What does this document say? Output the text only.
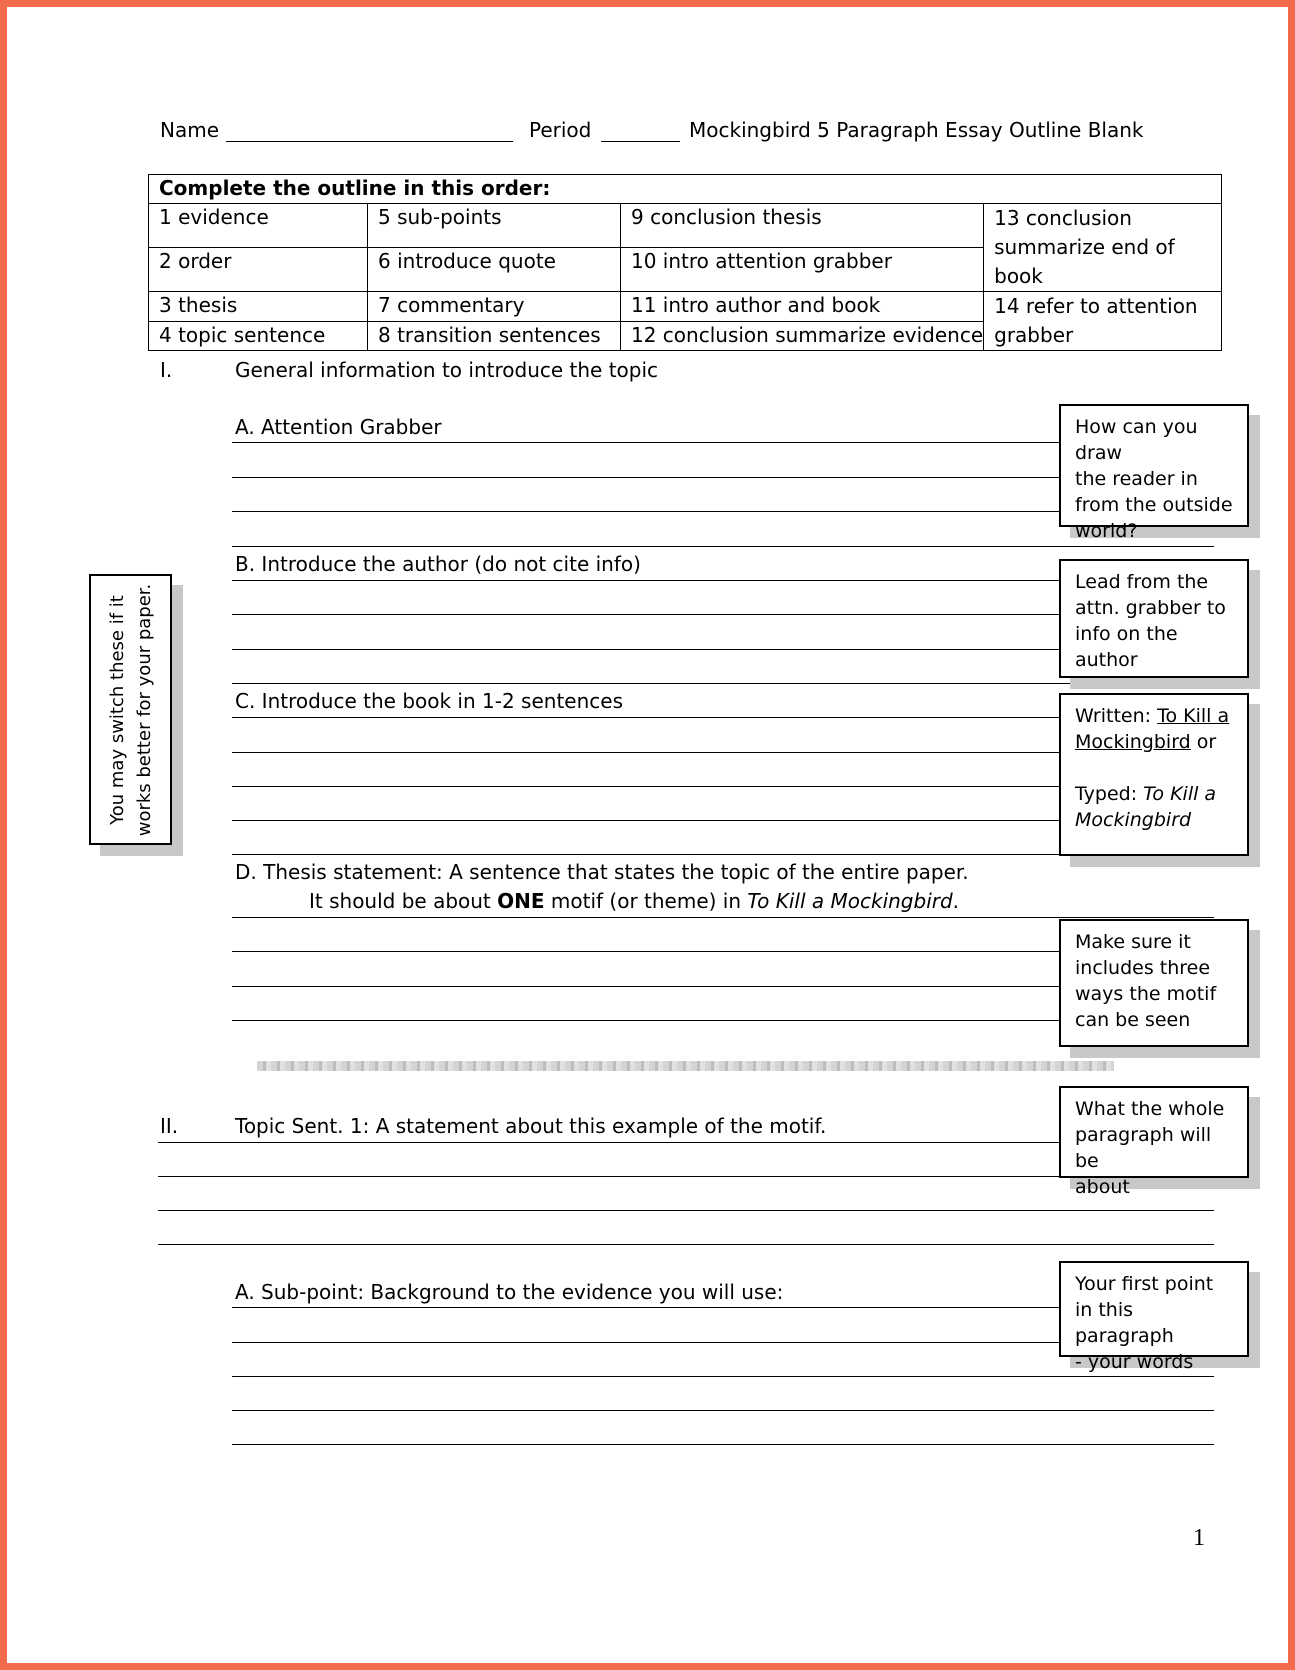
Name	Period	Mockingbird 5 Paragraph Essay Outline Blank
Complete the outline in this order:			
1 evidence	5 sub-points	9 conclusion thesis	13 conclusion summarize end of book
2 order	6 introduce quote	10 intro attention grabber	
3 thesis	7 commentary	11 intro author and book	14 refer to attention grabber
4 topic sentence	8 transition sentences	12 conclusion summarize evidence	
I.	General information to introduce the topic
A. Attention Grabber
B. Introduce the author (do not cite info)
C. Introduce the book in 1-2 sentences
D. Thesis statement: A sentence that states the topic of the entire paper.
It should be about ONE motif (or theme) in To Kill a Mockingbird.
II.	Topic Sent. 1: A statement about this example of the motif.
A. Sub-point: Background to the evidence you will use:
How can you draw
the reader in
from the outside
world?
Lead from the
attn. grabber to
info on the
author
Written: To Kill a
Mockingbird or
Typed: To Kill a
Mockingbird
Make sure it
includes three
ways the motif
can be seen
What the whole
paragraph will be
about
Your first point
in this paragraph
- your words
You may switch these if it works better for your paper.
1
